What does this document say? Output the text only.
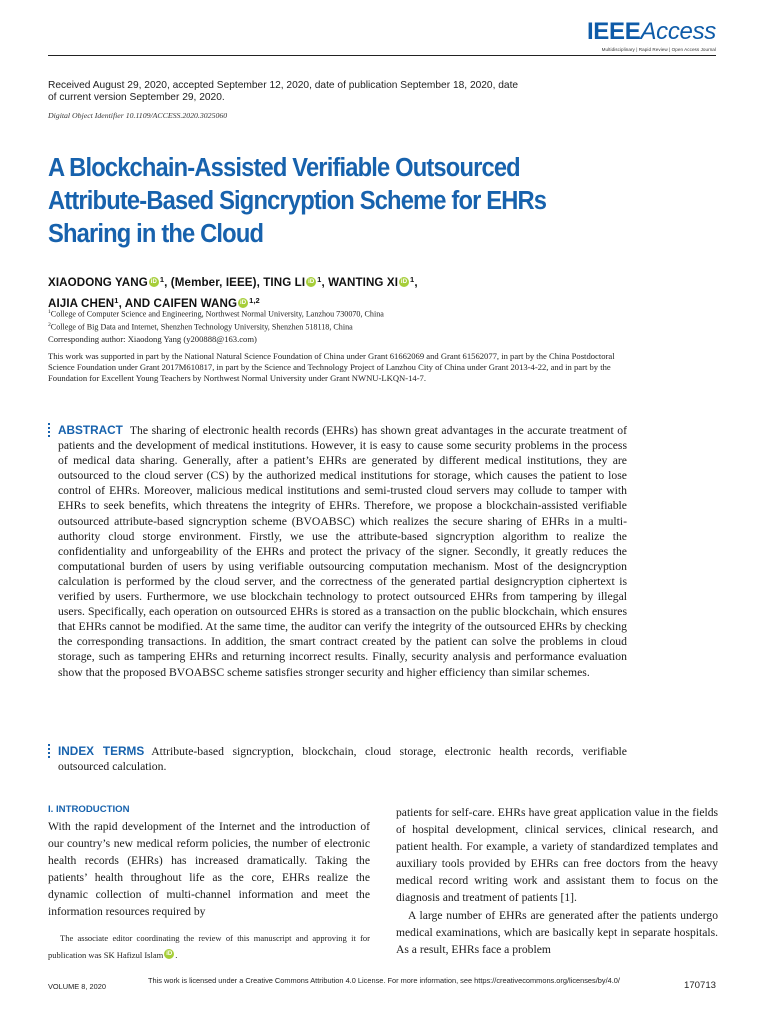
IEEEAccess
Multidisciplinary | Rapid Review | Open Access Journal
Received August 29, 2020, accepted September 12, 2020, date of publication September 18, 2020, date of current version September 29, 2020.
Digital Object Identifier 10.1109/ACCESS.2020.3025060
A Blockchain-Assisted Verifiable Outsourced Attribute-Based Signcryption Scheme for EHRs Sharing in the Cloud
XIAODONG YANG iD $^1$, (Member, IEEE), TING LI iD $^1$, WANTING XI iD $^1$,
AIJIA CHEN$^1$, AND CAIFEN WANG iD $^{1,2}$
$^1$College of Computer Science and Engineering, Northwest Normal University, Lanzhou 730070, China
$^2$College of Big Data and Internet, Shenzhen Technology University, Shenzhen 518118, China
Corresponding author: Xiaodong Yang (y200888@163.com)
This work was supported in part by the National Natural Science Foundation of China under Grant 61662069 and Grant 61562077, in part by the China Postdoctoral Science Foundation under Grant 2017M610817, in part by the Science and Technology Project of Lanzhou City of China under Grant 2013-4-22, and in part by the Foundation for Excellent Young Teachers by Northwest Normal University under Grant NWNU-LKQN-14-7.
ABSTRACT The sharing of electronic health records (EHRs) has shown great advantages in the accurate treatment of patients and the development of medical institutions. However, it is easy to cause some security problems in the process of medical data sharing. Generally, after a patient’s EHRs are generated by different medical institutions, they are outsourced to the cloud server (CS) by the authorized medical institutions for storage, which causes the patient to lose control of EHRs. Moreover, malicious medical institutions and semi-trusted cloud servers may collude to tamper with EHRs to seek benefits, which threatens the integrity of EHRs. Therefore, we propose a blockchain-assisted verifiable outsourced attribute-based signcryption scheme (BVOABSC) which realizes the secure sharing of EHRs in a multi-authority cloud storge environment. Firstly, we use the attribute-based signcryption algorithm to realize the confidentiality and unforgeability of the EHRs and protect the privacy of the signer. Secondly, it greatly reduces the computational burden of users by using verifiable outsourcing computation mechanism. Most of the designcryption calculation is performed by the cloud server, and the correctness of the generated partial designcryption ciphertext is verified by users. Furthermore, we use blockchain technology to protect outsourced EHRs from tampering by illegal users. Specifically, each operation on outsourced EHRs is stored as a transaction on the public blockchain, which ensures that EHRs cannot be modified. At the same time, the auditor can verify the integrity of the outsourced EHRs by checking the corresponding transactions. In addition, the smart contract created by the patient can solve the problems in cloud storage, such as tampering EHRs and returning incorrect results. Finally, security analysis and performance evaluation show that the proposed BVOABSC scheme satisfies stronger security and higher efficiency than similar schemes.
INDEX TERMS Attribute-based signcryption, blockchain, cloud storage, electronic health records, verifiable outsourced calculation.
I. INTRODUCTION

With the rapid development of the Internet and the introduction of our country’s new medical reform policies, the number of electronic health records (EHRs) has increased dramatically. Taking the patients’ health throughout life as the core, EHRs realize the dynamic collection of multi-channel information and meet the information resources required by

The associate editor coordinating the review of this manuscript and approving it for publication was SK Hafizul Islam iD .

patients for self-care. EHRs have great application value in the fields of hospital development, clinical services, clinical research, and patient health. For example, a variety of standardized templates and auxiliary tools provided by EHRs can free doctors from the heavy medical record writing work and assistant them to focus on the diagnosis and treatment of patients [1].

A large number of EHRs are generated after the patients undergo medical examinations, which are basically kept in separate hospitals. As a result, EHRs face a problem

VOLUME 8, 2020
This work is licensed under a Creative Commons Attribution 4.0 License. For more information, see https://creativecommons.org/licenses/by/4.0/	170713
